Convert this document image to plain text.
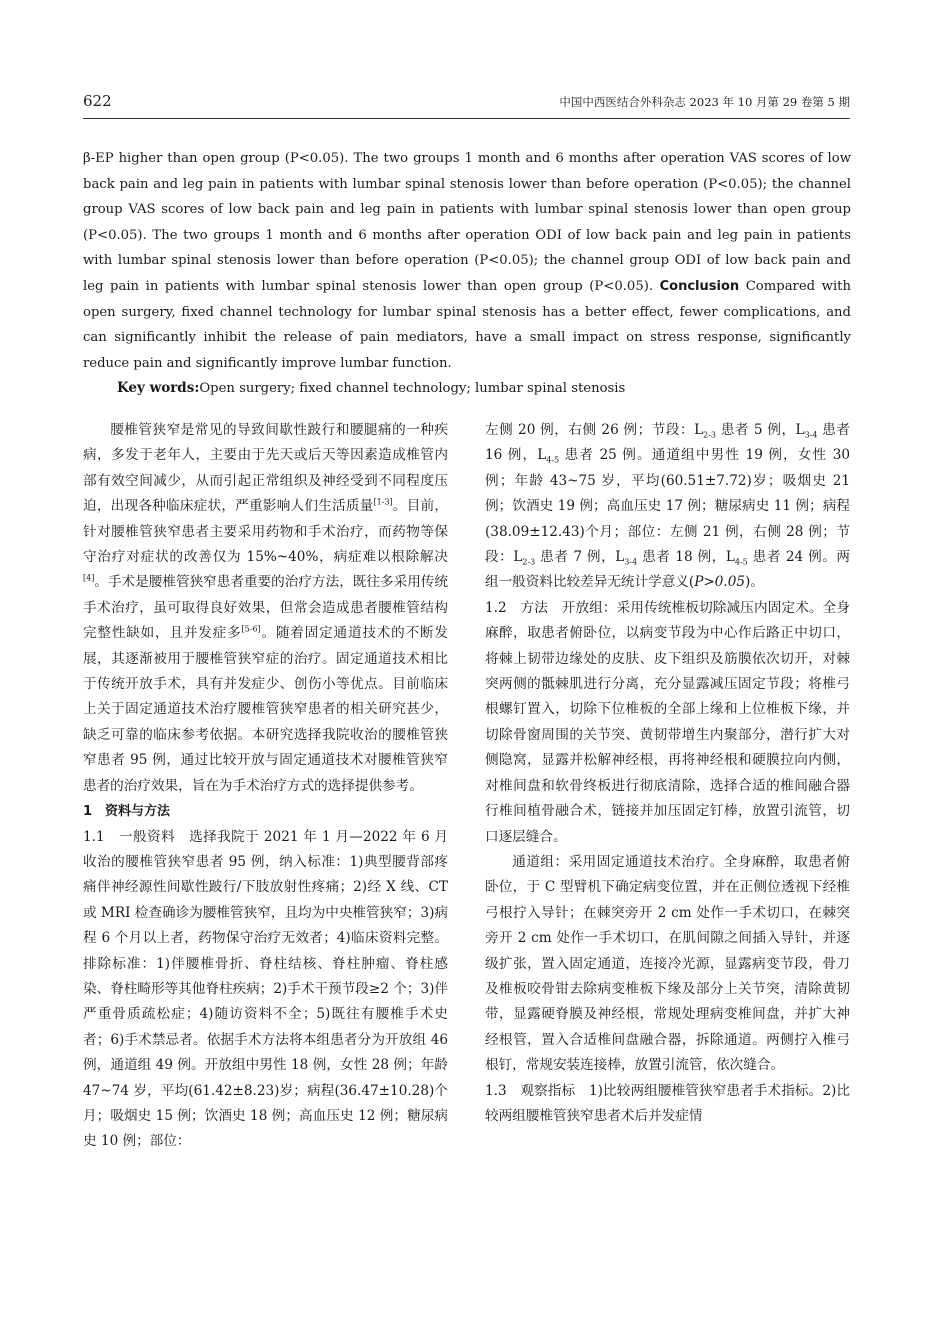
622	中国中西医结合外科杂志 2023 年 10 月第 29 卷第 5 期

β-EP higher than open group (P<0.05). The two groups 1 month and 6 months after operation VAS scores of low back pain and leg pain in patients with lumbar spinal stenosis lower than before operation (P<0.05); the channel group VAS scores of low back pain and leg pain in patients with lumbar spinal stenosis lower than open group (P<0.05). The two groups 1 month and 6 months after operation ODI of low back pain and leg pain in patients with lumbar spinal stenosis lower than before operation (P<0.05); the channel group ODI of low back pain and leg pain in patients with lumbar spinal stenosis lower than open group (P<0.05). Conclusion Compared with open surgery, fixed channel technology for lumbar spinal stenosis has a better effect, fewer complications, and can significantly inhibit the release of pain mediators, have a small impact on stress response, significantly reduce pain and significantly improve lumbar function.

Key words:Open surgery; fixed channel technology; lumbar spinal stenosis

腰椎管狭窄是常见的导致间歇性跛行和腰腿痛的一种疾病，多发于老年人，主要由于先天或后天等因素造成椎管内部有效空间减少，从而引起正常组织及神经受到不同程度压迫，出现各种临床症状，严重影响人们生活质量[1-3]。目前，针对腰椎管狭窄患者主要采用药物和手术治疗，而药物等保守治疗对症状的改善仅为 15%~40%，病症难以根除解决[4]。手术是腰椎管狭窄患者重要的治疗方法，既往多采用传统手术治疗，虽可取得良好效果，但常会造成患者腰椎管结构完整性缺如，且并发症多[5-6]。随着固定通道技术的不断发展，其逐渐被用于腰椎管狭窄症的治疗。固定通道技术相比于传统开放手术，具有并发症少、创伤小等优点。目前临床上关于固定通道技术治疗腰椎管狭窄患者的相关研究甚少，缺乏可靠的临床参考依据。本研究选择我院收治的腰椎管狭窄患者 95 例，通过比较开放与固定通道技术对腰椎管狭窄患者的治疗效果，旨在为手术治疗方式的选择提供参考。

1　资料与方法

1.1　一般资料　 选择我院于 2021 年 1 月—2022 年 6 月收治的腰椎管狭窄患者 95 例，纳入标准：1)典型腰背部疼痛伴神经源性间歇性跛行/下肢放射性疼痛；2)经 X 线、CT 或 MRI 检查确诊为腰椎管狭窄，且均为中央椎管狭窄；3)病程 6 个月以上者，药物保守治疗无效者；4)临床资料完整。排除标准：1)伴腰椎骨折、脊柱结核、脊柱肿瘤、脊柱感染、脊柱畸形等其他脊柱疾病；2)手术干预节段≥2 个；3)伴严重骨质疏松症；4)随访资料不全；5)既往有腰椎手术史者；6)手术禁忌者。依据手术方法将本组患者分为开放组 46 例，通道组 49 例。开放组中男性 18 例，女性 28 例；年龄 47~74 岁，平均(61.42±8.23)岁；病程(36.47±10.28)个月；吸烟史 15 例；饮酒史 18 例；高血压史 12 例；糖尿病史 10 例；部位：

左侧 20 例，右侧 26 例；节段：$L_{2-3}$ 患者 5 例，$L_{3-4}$ 患者 16 例，$L_{4-5}$ 患者 25 例。通道组中男性 19 例，女性 30 例；年龄 43~75 岁，平均(60.51±7.72)岁；吸烟史 21 例；饮酒史 19 例；高血压史 17 例；糖尿病史 11 例；病程(38.09±12.43)个月；部位：左侧 21 例，右侧 28 例；节段：$L_{2-3}$ 患者 7 例，$L_{3-4}$ 患者 18 例，$L_{4-5}$ 患者 24 例。两组一般资料比较差异无统计学意义(P>0.05)。

1.2　方法　 开放组：采用传统椎板切除减压内固定术。全身麻醉，取患者俯卧位，以病变节段为中心作后路正中切口，将棘上韧带边缘处的皮肤、皮下组织及筋膜依次切开，对棘突两侧的骶棘肌进行分离，充分显露减压固定节段；将椎弓根螺钉置入，切除下位椎板的全部上缘和上位椎板下缘，并切除骨窗周围的关节突、黄韧带增生内聚部分，潜行扩大对侧隐窝，显露并松解神经根，再将神经根和硬膜拉向内侧，对椎间盘和软骨终板进行彻底清除，选择合适的椎间融合器行椎间植骨融合术，链接并加压固定钉棒，放置引流管，切口逐层缝合。

通道组：采用固定通道技术治疗。全身麻醉，取患者俯卧位，于 C 型臂机下确定病变位置，并在正侧位透视下经椎弓根拧入导针；在棘突旁开 2 cm 处作一手术切口，在棘突旁开 2 cm 处作一手术切口，在肌间隙之间插入导针，并逐级扩张，置入固定通道，连接冷光源，显露病变节段，骨刀及椎板咬骨钳去除病变椎板下缘及部分上关节突，清除黄韧带，显露硬脊膜及神经根，常规处理病变椎间盘，并扩大神经根管，置入合适椎间盘融合器，拆除通道。两侧拧入椎弓根钉，常规安装连接棒，放置引流管，依次缝合。

1.3　观察指标　 1)比较两组腰椎管狭窄患者手术指标。2)比较两组腰椎管狭窄患者术后并发症情
